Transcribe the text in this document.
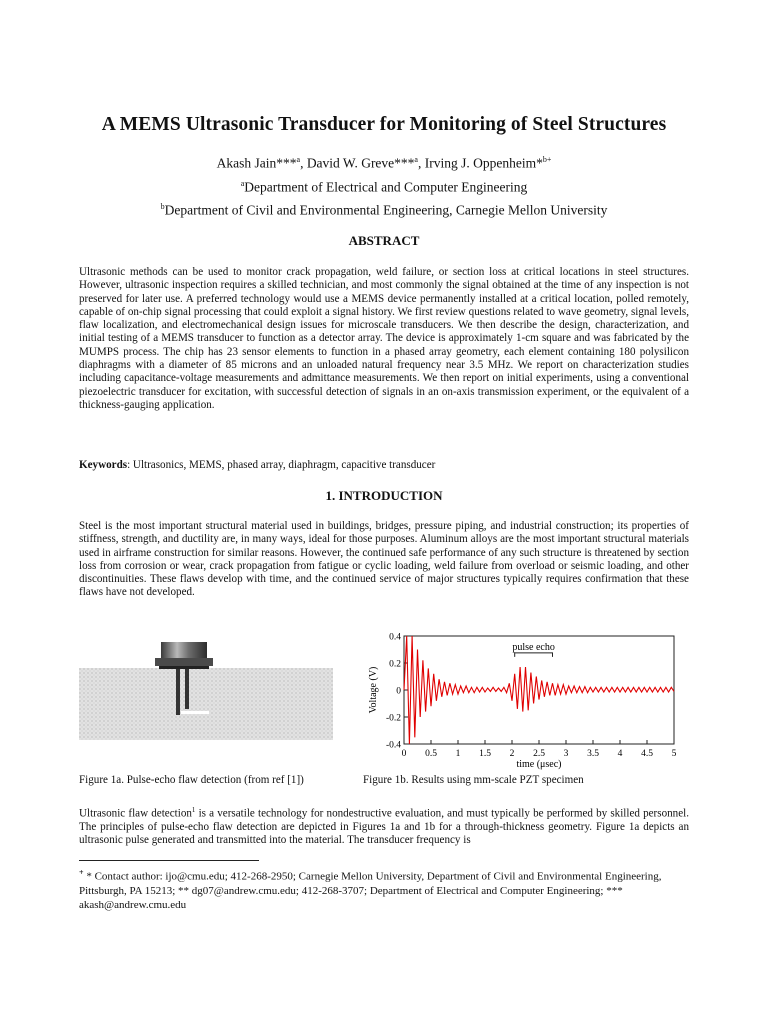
A MEMS Ultrasonic Transducer for Monitoring of Steel Structures
Akash Jain***$^a$, David W. Greve***$^a$, Irving J. Oppenheim*$^{b+}$
$^a$Department of Electrical and Computer Engineering
$^b$Department of Civil and Environmental Engineering, Carnegie Mellon University
ABSTRACT
Ultrasonic methods can be used to monitor crack propagation, weld failure, or section loss at critical locations in steel structures. However, ultrasonic inspection requires a skilled technician, and most commonly the signal obtained at the time of any inspection is not preserved for later use. A preferred technology would use a MEMS device permanently installed at a critical location, polled remotely, capable of on-chip signal processing that could exploit a signal history. We first review questions related to wave geometry, signal levels, flaw localization, and electromechanical design issues for microscale transducers. We then describe the design, characterization, and initial testing of a MEMS transducer to function as a detector array. The device is approximately 1-cm square and was fabricated by the MUMPS process. The chip has 23 sensor elements to function in a phased array geometry, each element containing 180 polysilicon diaphragms with a diameter of 85 microns and an unloaded natural frequency near 3.5 MHz. We report on characterization studies including capacitance-voltage measurements and admittance measurements. We then report on initial experiments, using a conventional piezoelectric transducer for excitation, with successful detection of signals in an on-axis transmission experiment, or the equivalent of a thickness-gauging application.
Keywords: Ultrasonics, MEMS, phased array, diaphragm, capacitive transducer
1. INTRODUCTION
Steel is the most important structural material used in buildings, bridges, pressure piping, and industrial construction; its properties of stiffness, strength, and ductility are, in many ways, ideal for those purposes. Aluminum alloys are the most important structural materials used in airframe construction for similar reasons. However, the continued safe performance of any such structure is threatened by section loss from corrosion or wear, crack propagation from fatigue or cyclic loading, weld failure from overload or seismic loading, and other discontinuities. These flaws develop with time, and the continued service of major structures typically requires confirmation that these flaws have not developed.
0.4
0.2
0
-0.2
-0.4
0 0.5 1 1.5 2 2.5 3 3.5 4 4.5 5
pulse echo
Voltage (V)
time (μsec)
Figure 1a. Pulse-echo flaw detection (from ref [1])	Figure 1b. Results using mm-scale PZT specimen
Ultrasonic flaw detection$^1$ is a versatile technology for nondestructive evaluation, and must typically be performed by skilled personnel. The principles of pulse-echo flaw detection are depicted in Figures 1a and 1b for a through-thickness geometry. Figure 1a depicts an ultrasonic pulse generated and transmitted into the material. The transducer frequency is
+ * Contact author: ijo@cmu.edu; 412-268-2950; Carnegie Mellon University, Department of Civil and Environmental Engineering, Pittsburgh, PA 15213; ** dg07@andrew.cmu.edu; 412-268-3707; Department of Electrical and Computer Engineering; *** akash@andrew.cmu.edu
